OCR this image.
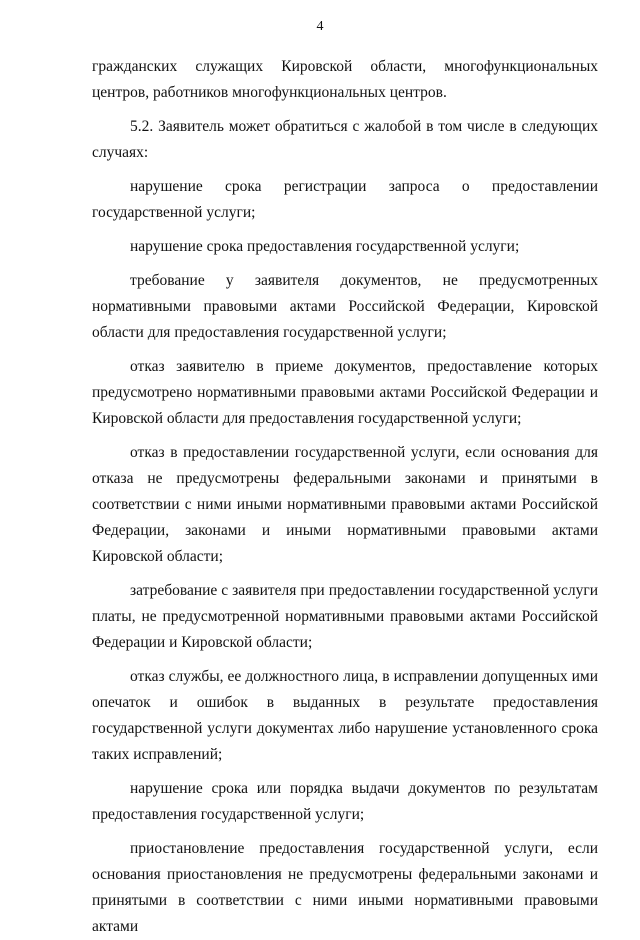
4

гражданских служащих Кировской области, многофункциональных центров, работников многофункциональных центров.

5.2. Заявитель может обратиться с жалобой в том числе в следующих случаях:

нарушение срока регистрации запроса о предоставлении государственной услуги;

нарушение срока предоставления государственной услуги;

требование у заявителя документов, не предусмотренных нормативными правовыми актами Российской Федерации, Кировской области для предоставления государственной услуги;

отказ заявителю в приеме документов, предоставление которых предусмотрено нормативными правовыми актами Российской Федерации и Кировской области для предоставления государственной услуги;

отказ в предоставлении государственной услуги, если основания для отказа не предусмотрены федеральными законами и принятыми в соответствии с ними иными нормативными правовыми актами Российской Федерации, законами и иными нормативными правовыми актами Кировской области;

затребование с заявителя при предоставлении государственной услуги платы, не предусмотренной нормативными правовыми актами Российской Федерации и Кировской области;

отказ службы, ее должностного лица, в исправлении допущенных ими опечаток и ошибок в выданных в результате предоставления государственной услуги документах либо нарушение установленного срока таких исправлений;

нарушение срока или порядка выдачи документов по результатам предоставления государственной услуги;

приостановление предоставления государственной услуги, если основания приостановления не предусмотрены федеральными законами и принятыми в соответствии с ними иными нормативными правовыми актами
